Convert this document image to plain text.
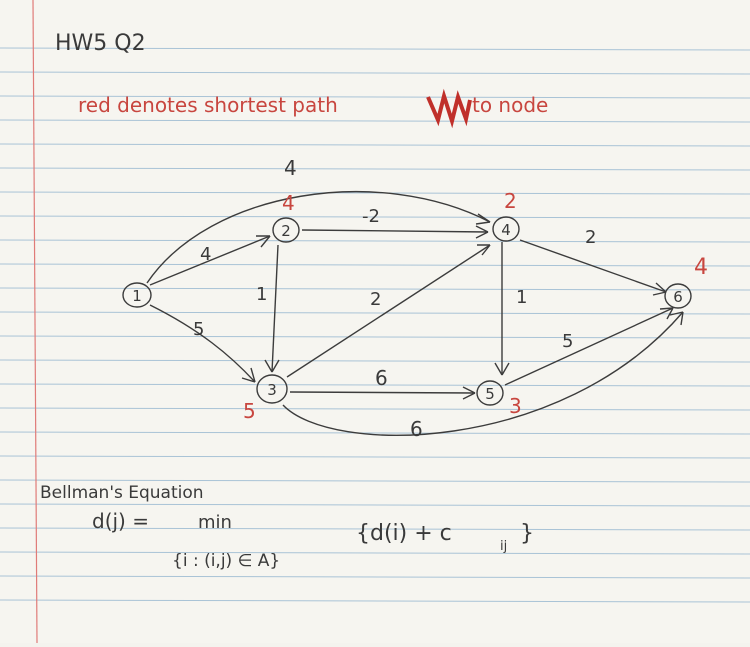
HW5 Q2
red denotes shortest path	to node
4
4
5
-2
1	2
6
6
1
2
5
1
2
4
3
5
4
2
5 3
6
4
Bellman's Equation
d(j) =	min
{i : (i,j) ∈ A}
{d(i) + c
ij
}
